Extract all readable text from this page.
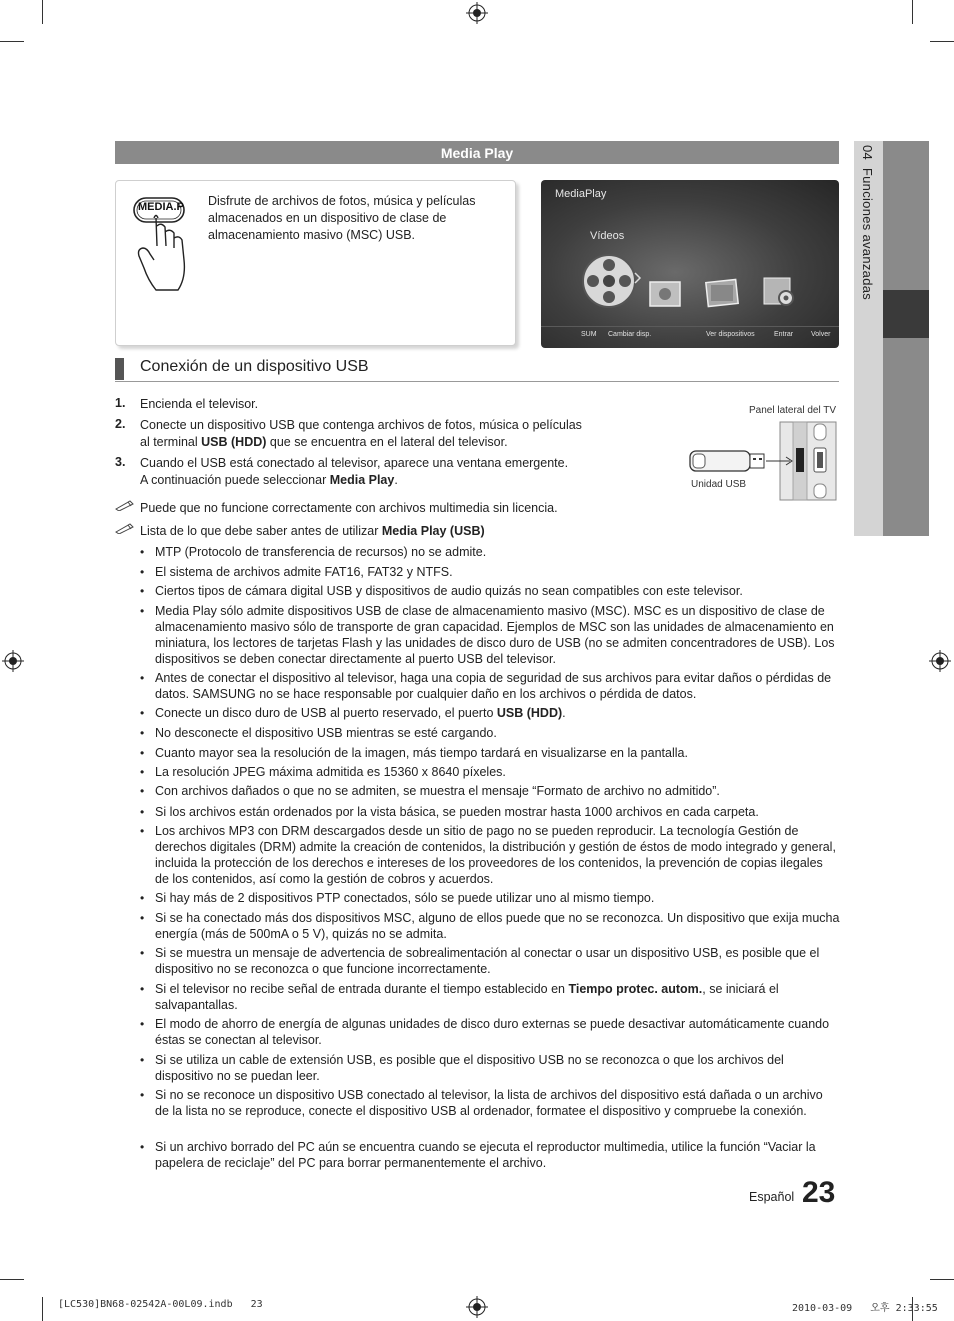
04  Funciones avanzadas
Media Play
MEDIA.P Disfrute de archivos de fotos, música y películas almacenados en un dispositivo de clase de almacenamiento masivo (MSC) USB.
MediaPlay
Vídeos
SUM Cambiar disp.	Ver dispositivos	Entrar	Volver
Conexión de un dispositivo USB
1. Encienda el televisor.
2. Conecte un dispositivo USB que contenga archivos de fotos, música o películas
al terminal USB (HDD) que se encuentra en el lateral del televisor.
3. Cuando el USB está conectado al televisor, aparece una ventana emergente.
A continuación puede seleccionar Media Play.
Panel lateral del TV
Unidad USB
Puede que no funcione correctamente con archivos multimedia sin licencia.
Lista de lo que debe saber antes de utilizar Media Play (USB)
• MTP (Protocolo de transferencia de recursos) no se admite.
• El sistema de archivos admite FAT16, FAT32 y NTFS.
• Ciertos tipos de cámara digital USB y dispositivos de audio quizás no sean compatibles con este televisor.
• Media Play sólo admite dispositivos USB de clase de almacenamiento masivo (MSC). MSC es un dispositivo de clase de almacenamiento masivo sólo de transporte de gran capacidad. Ejemplos de MSC son las unidades de almacenamiento en miniatura, los lectores de tarjetas Flash y las unidades de disco duro de USB (no se admiten concentradores de USB). Los dispositivos se deben conectar directamente al puerto USB del televisor.
• Antes de conectar el dispositivo al televisor, haga una copia de seguridad de sus archivos para evitar daños o pérdidas de datos. SAMSUNG no se hace responsable por cualquier daño en los archivos o pérdida de datos.
• Conecte un disco duro de USB al puerto reservado, el puerto USB (HDD).
• No desconecte el dispositivo USB mientras se esté cargando.
• Cuanto mayor sea la resolución de la imagen, más tiempo tardará en visualizarse en la pantalla.
• La resolución JPEG máxima admitida es 15360 x 8640 píxeles.
• Con archivos dañados o que no se admiten, se muestra el mensaje “Formato de archivo no admitido”.
• Si los archivos están ordenados por la vista básica, se pueden mostrar hasta 1000 archivos en cada carpeta.
• Los archivos MP3 con DRM descargados desde un sitio de pago no se pueden reproducir. La tecnología Gestión de derechos digitales (DRM) admite la creación de contenidos, la distribución y gestión de éstos de modo integrado y general, incluida la protección de los derechos e intereses de los proveedores de los contenidos, la prevención de copias ilegales de los contenidos, así como la gestión de cobros y acuerdos.
• Si hay más de 2 dispositivos PTP conectados, sólo se puede utilizar uno al mismo tiempo.
• Si se ha conectado más dos dispositivos MSC, alguno de ellos puede que no se reconozca. Un dispositivo que exija mucha energía (más de 500mA o 5 V), quizás no se admita.
• Si se muestra un mensaje de advertencia de sobrealimentación al conectar o usar un dispositivo USB, es posible que el dispositivo no se reconozca o que funcione incorrectamente.
• Si el televisor no recibe señal de entrada durante el tiempo establecido en Tiempo protec. autom., se iniciará el salvapantallas.
• El modo de ahorro de energía de algunas unidades de disco duro externas se puede desactivar automáticamente cuando éstas se conectan al televisor.
• Si se utiliza un cable de extensión USB, es posible que el dispositivo USB no se reconozca o que los archivos del dispositivo no se puedan leer.
• Si no se reconoce un dispositivo USB conectado al televisor, la lista de archivos del dispositivo está dañada o un archivo de la lista no se reproduce, conecte el dispositivo USB al ordenador, formatee el dispositivo y compruebe la conexión.
• Si un archivo borrado del PC aún se encuentra cuando se ejecuta el reproductor multimedia, utilice la función “Vaciar la papelera de reciclaje” del PC para borrar permanentemente el archivo.
Español 23
[LC530]BN68-02542A-00L09.indb   23	2010-03-09   오후 2:33:55
